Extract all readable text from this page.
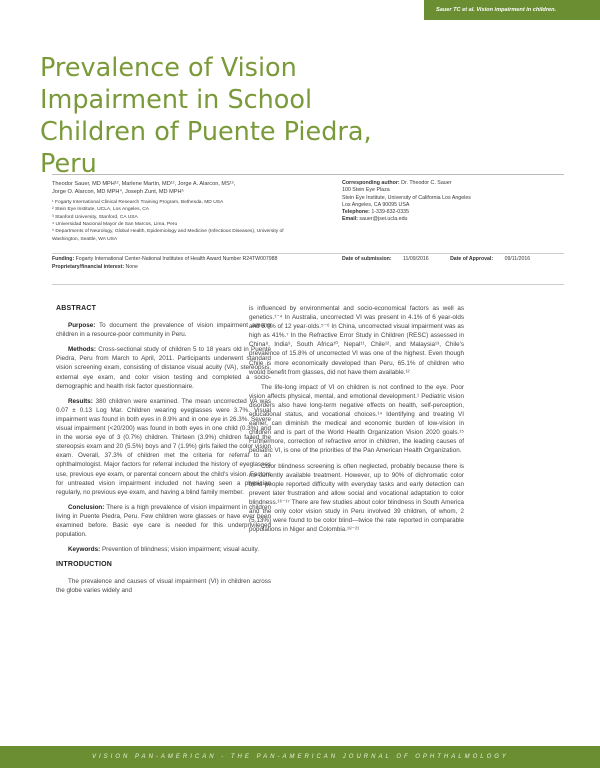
Sauer TC et al. Vision impairment in children.
Prevalence of Vision Impairment in School Children of Puente Piedra, Peru
Theodor Sauer, MD MPH¹², Marlene Martin, MD¹², Jorge A. Alarcon, MS¹³,
Jorge O. Alarcon, MD MPH⁴, Joseph Zunt, MD MPH⁵
¹ Fogarty International Clinical Research Training Program, Bethesda, MD USA
² Stein Eye Institute, UCLA, Los Angeles, CA
³ Stanford University, Stanford, CA USA
⁴ Universidad Nacional Mayor de San Marcos, Lima, Peru
⁵ Departments of Neurology, Global Health, Epidemiology and Medicine (Infectious Diseases), University of Washington, Seattle, WA USA
Corresponding author: Dr. Theodor C. Sauer
100 Stein Eye Plaza
Stein Eye Institute, University of California Los Angeles
Los Angeles, CA 90095 USA
Telephone: 1-339-832-0335
Email: sauer@jsei.ucla.edu
Funding: Fogarty International Center-National Institutes of Health Award Number R24TW007988
Proprietary/financial interest: None
Date of submission: 11/09/2016	Date of Approval: 09/11/2016
ABSTRACT

Purpose: To document the prevalence of vision impairment among children in a resource-poor community in Peru.

Methods: Cross-sectional study of children 5 to 18 years old in Puente Piedra, Peru from March to April, 2011. Participants underwent standard vision screening exam, consisting of distance visual acuity (VA), stereopsis, external eye exam, and color vision testing and completed a socio-demographic and health risk factor questionnaire.

Results: 380 children were examined. The mean uncorrected VA was 0.07 ± 0.13 Log Mar. Children wearing eyeglasses were 3.7%. Visual impairment was found in both eyes in 8.9% and in one eye in 26.3%. Severe visual impairment (<20/200) was found in both eyes in one child (0.3%) and in the worse eye of 3 (0.7%) children. Thirteen (3.9%) children failed the stereopsis exam and 20 (5.5%) boys and 7 (1.9%) girls failed the color vision exam. Overall, 37.3% of children met the criteria for referral to an ophthalmologist. Major factors for referral included the history of eyeglasses use, previous eye exam, or parental concern about the child's vision. Factors for untreated vision impairment included not having seen a physician regularly, no previous eye exam, and having a blind family member.

Conclusion: There is a high prevalence of vision impairment in children living in Puente Piedra, Peru. Few children wore glasses or have ever been examined before. Basic eye care is needed for this underprivileged population.

Keywords: Prevention of blindness; vision impairment; visual acuity.

INTRODUCTION

The prevalence and causes of visual impairment (VI) in children across the globe varies widely and

is influenced by environmental and socio-economical factors as well as genetics.¹⁻⁴ In Australia, uncorrected VI was present in 4.1% of 6 year-olds and 5.0% of 12 year-olds.⁵⁻⁶ In China, uncorrected visual impairment was as high as 41%.⁷ In the Refractive Error Study in Children (RESC) assessed in China⁸, India⁹, South Africa¹⁰, Nepal¹¹, Chile¹², and Malaysia¹³, Chile's prevalence of 15.8% of uncorrected VI was one of the highest. Even though Chile is more economically developed than Peru, 65.1% of children who would benefit from glasses, did not have them available.¹²

The life-long impact of VI on children is not confined to the eye. Poor vision affects physical, mental, and emotional development.¹ Pediatric vision disorders also have long-term negative effects on health, self-perception, educational status, and vocational choices.¹⁴ Identifying and treating VI earlier, can diminish the medical and economic burden of low-vision in children and is part of the World Health Organization Vision 2020 goals.¹⁵ Furthermore, correction of refractive error in children, the leading causes of pediatric VI, is one of the priorities of the Pan American Health Organization.

Color blindness screening is often neglected, probably because there is no currently available treatment. However, up to 90% of dichromatic color blind people reported difficulty with everyday tasks and early detection can prevent later frustration and allow social and vocational adaptation to color blindness.¹⁶⁻¹⁷ There are few studies about color blindness in South America and the only color vision study in Peru involved 39 children, of whom, 2 (5.13%) were found to be color blind—twice the rate reported in comparable populations in Niger and Colombia.¹⁸⁻²¹

VISION PAN-AMERICAN - THE PAN-AMERICAN JOURNAL OF OPHTHALMOLOGY
